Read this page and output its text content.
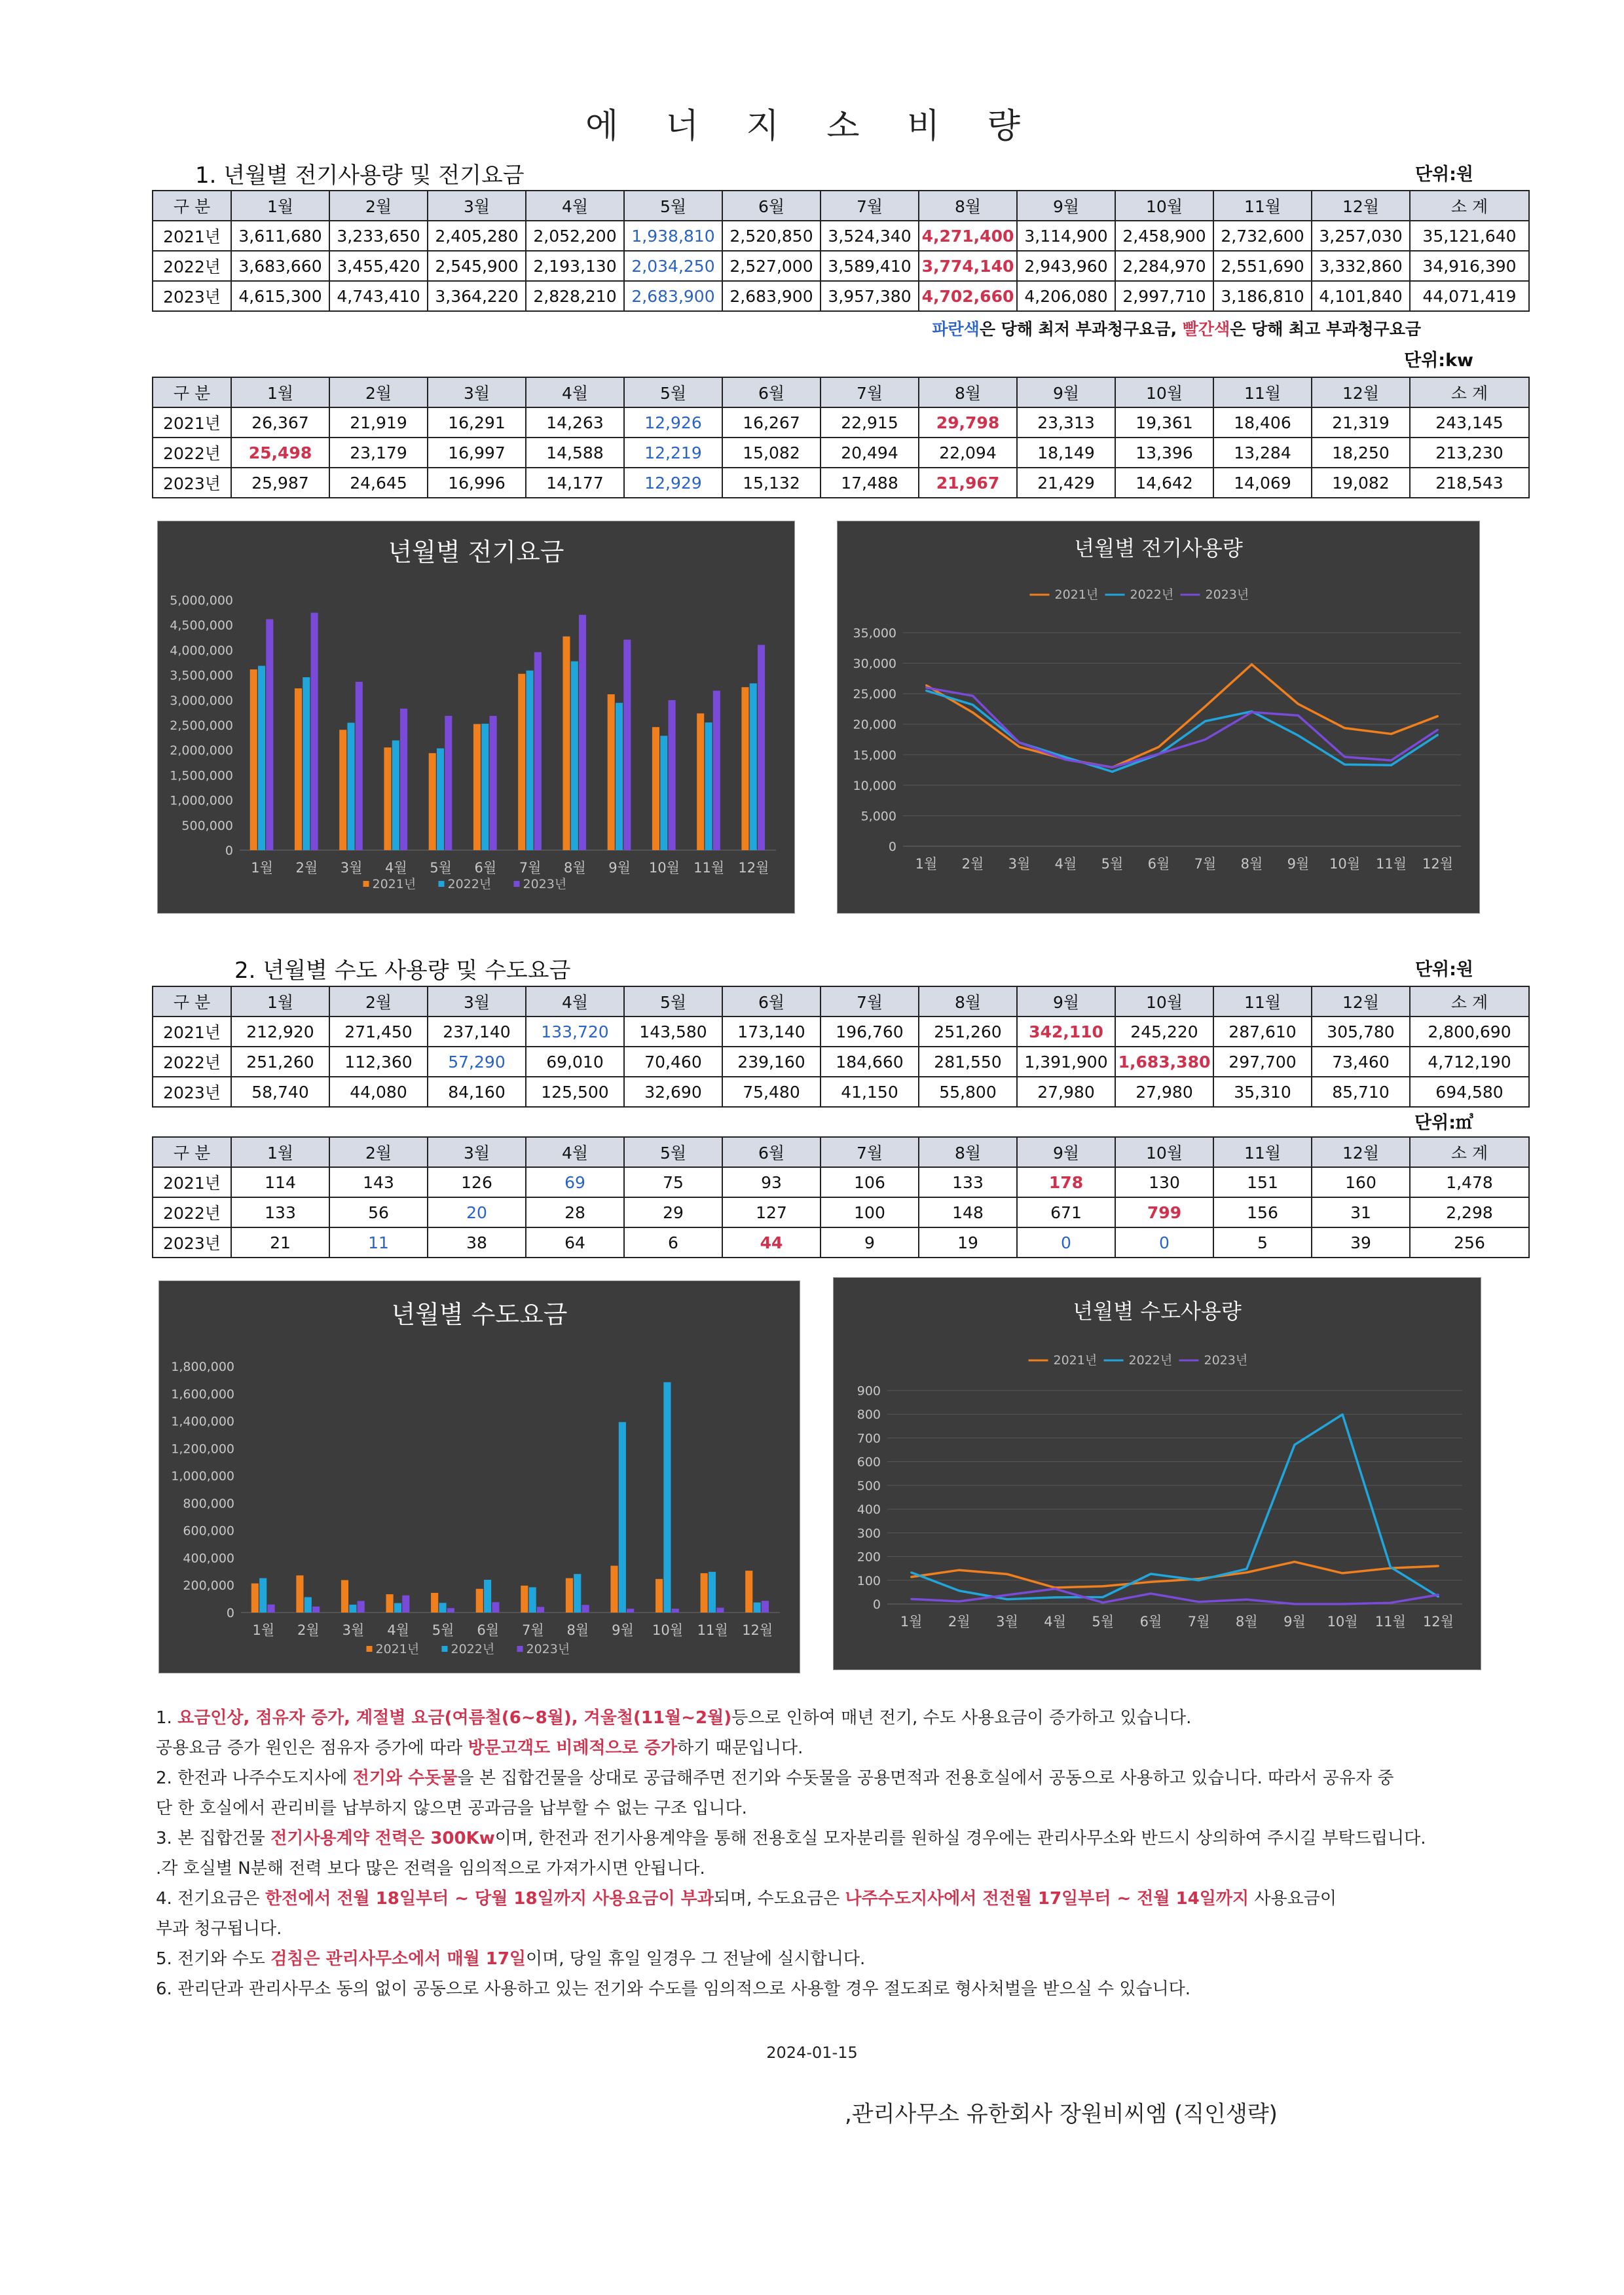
에 너 지 소 비 량
1. 년월별 전기사용량 및 전기요금	단위:원
구 분	1월	2월	3월	4월	5월	6월	7월	8월	9월	10월	11월	12월	소 계
2021년	3,611,680	3,233,650	2,405,280	2,052,200	1,938,810	2,520,850	3,524,340	4,271,400	3,114,900	2,458,900	2,732,600	3,257,030	35,121,640
2022년	3,683,660	3,455,420	2,545,900	2,193,130	2,034,250	2,527,000	3,589,410	3,774,140	2,943,960	2,284,970	2,551,690	3,332,860	34,916,390
2023년	4,615,300	4,743,410	3,364,220	2,828,210	2,683,900	2,683,900	3,957,380	4,702,660	4,206,080	2,997,710	3,186,810	4,101,840	44,071,419
파란색은 당해 최저 부과청구요금, 빨간색은 당해 최고 부과청구요금
단위:kw
구 분	1월	2월	3월	4월	5월	6월	7월	8월	9월	10월	11월	12월	소 계
2021년	26,367	21,919	16,291	14,263	12,926	16,267	22,915	29,798	23,313	19,361	18,406	21,319	243,145
2022년	25,498	23,179	16,997	14,588	12,219	15,082	20,494	22,094	18,149	13,396	13,284	18,250	213,230
2023년	25,987	24,645	16,996	14,177	12,929	15,132	17,488	21,967	21,429	14,642	14,069	19,082	218,543
년월별 전기요금
0
500,000
1,000,000
1,500,000
2,000,000
2,500,000
3,000,000
3,500,000
4,000,000
4,500,000
5,000,000
1월 2월 3월 4월 5월 6월 7월 8월 9월 10월 11월 12월
2021년	2022년	2023년
년월별 전기사용량
0
5,000
10,000
15,000
20,000
25,000
30,000
35,000
1월 2월 3월 4월 5월 6월 7월 8월 9월 10월 11월 12월
2021년	2022년	2023년
2. 년월별 수도 사용량 및 수도요금	단위:원
구 분	1월	2월	3월	4월	5월	6월	7월	8월	9월	10월	11월	12월	소 계
2021년	212,920	271,450	237,140	133,720	143,580	173,140	196,760	251,260	342,110	245,220	287,610	305,780	2,800,690
2022년	251,260	112,360	57,290	69,010	70,460	239,160	184,660	281,550	1,391,900	1,683,380	297,700	73,460	4,712,190
2023년	58,740	44,080	84,160	125,500	32,690	75,480	41,150	55,800	27,980	27,980	35,310	85,710	694,580
단위:㎥
구 분	1월	2월	3월	4월	5월	6월	7월	8월	9월	10월	11월	12월	소 계
2021년	114	143	126	69	75	93	106	133	178	130	151	160	1,478
2022년	133	56	20	28	29	127	100	148	671	799	156	31	2,298
2023년	21	11	38	64	6	44	9	19	0	0	5	39	256
년월별 수도요금
0
200,000
400,000
600,000
800,000
1,000,000
1,200,000
1,400,000
1,600,000
1,800,000
1월 2월 3월 4월 5월 6월 7월 8월 9월 10월 11월 12월
2021년	2022년	2023년
년월별 수도사용량
0
100
200
300
400
500
600
700
800
900
1월 2월 3월 4월 5월 6월 7월 8월 9월 10월 11월 12월
2021년	2022년	2023년

1. 요금인상, 점유자 증가, 계절별 요금(여름철(6~8월), 겨울철(11월~2월)등으로 인하여 매년 전기, 수도 사용요금이 증가하고 있습니다.

공용요금 증가 원인은 점유자 증가에 따라 방문고객도 비례적으로 증가하기 때문입니다.

2. 한전과 나주수도지사에 전기와 수돗물을 본 집합건물을 상대로 공급해주면 전기와 수돗물을 공용면적과 전용호실에서 공동으로 사용하고 있습니다. 따라서 공유자 중

단 한 호실에서 관리비를 납부하지 않으면 공과금을 납부할 수 없는 구조 입니다.

3. 본 집합건물 전기사용계약 전력은 300Kw이며, 한전과 전기사용계약을 통해 전용호실 모자분리를 원하실 경우에는 관리사무소와 반드시 상의하여 주시길 부탁드립니다.

.각 호실별 N분해 전력 보다 많은 전력을 임의적으로 가져가시면 안됩니다.

4. 전기요금은 한전에서 전월 18일부터 ~ 당월 18일까지 사용요금이 부과되며, 수도요금은 나주수도지사에서 전전월 17일부터 ~ 전월 14일까지 사용요금이

부과 청구됩니다.

5. 전기와 수도 검침은 관리사무소에서 매월 17일이며, 당일 휴일 일경우 그 전날에 실시합니다.

6. 관리단과 관리사무소 동의 없이 공동으로 사용하고 있는 전기와 수도를 임의적으로 사용할 경우 절도죄로 형사처벌을 받으실 수 있습니다.

2024-01-15
,관리사무소 유한회사 장원비씨엠 (직인생략)
